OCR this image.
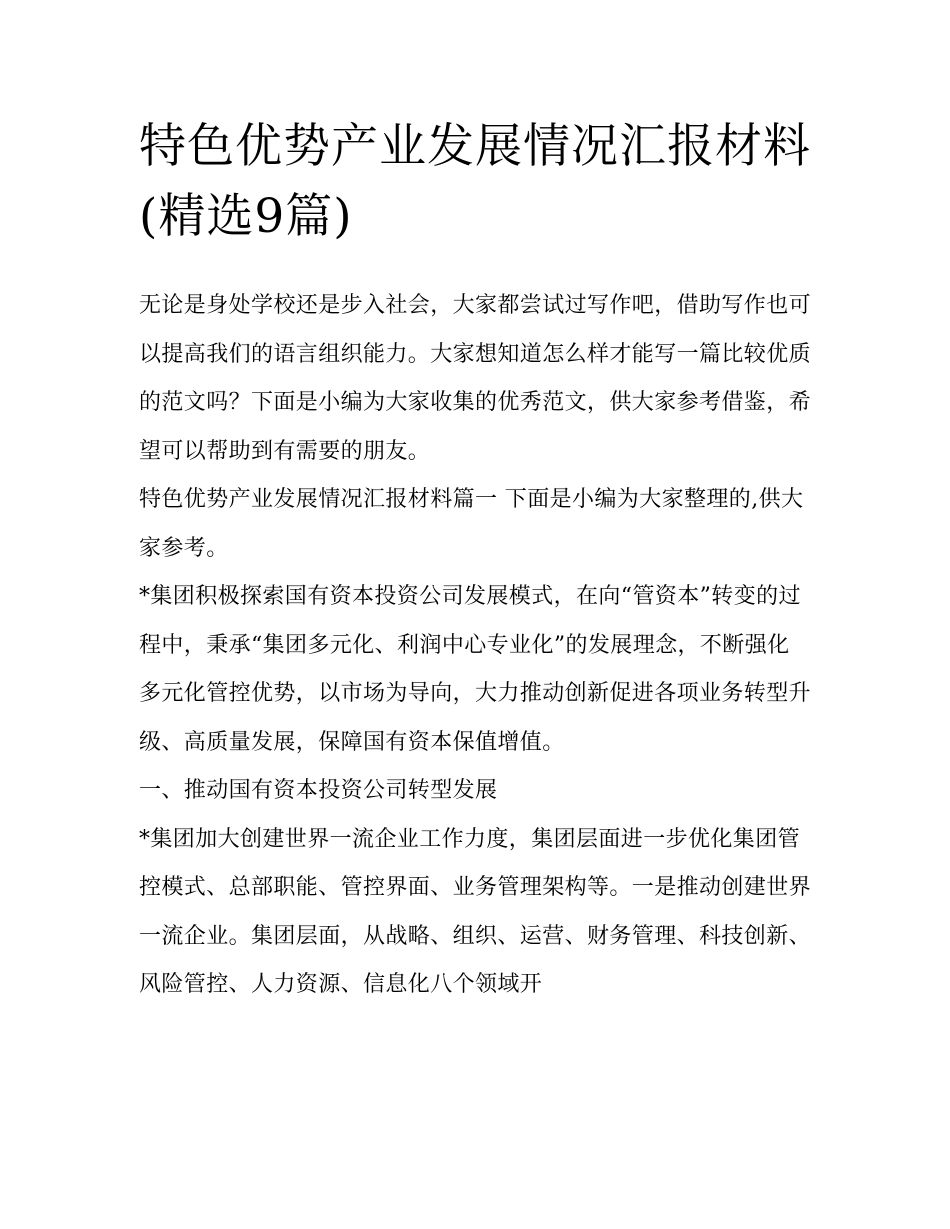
特色优势产业发展情况汇报材料(精选9篇)

无论是身处学校还是步入社会，大家都尝试过写作吧，借助写作也可以提高我们的语言组织能力。大家想知道怎么样才能写一篇比较优质的范文吗？下面是小编为大家收集的优秀范文，供大家参考借鉴，希望可以帮助到有需要的朋友。

特色优势产业发展情况汇报材料篇一 下面是小编为大家整理的,供大家参考。

*集团积极探索国有资本投资公司发展模式，在向“管资本”转变的过程中，秉承“集团多元化、利润中心专业化”的发展理念，不断强化多元化管控优势，以市场为导向，大力推动创新促进各项业务转型升级、高质量发展，保障国有资本保值增值。

一、推动国有资本投资公司转型发展

*集团加大创建世界一流企业工作力度，集团层面进一步优化集团管控模式、总部职能、管控界面、业务管理架构等。一是推动创建世界一流企业。集团层面，从战略、组织、运营、财务管理、科技创新、风险管控、人力资源、信息化八个领域开
